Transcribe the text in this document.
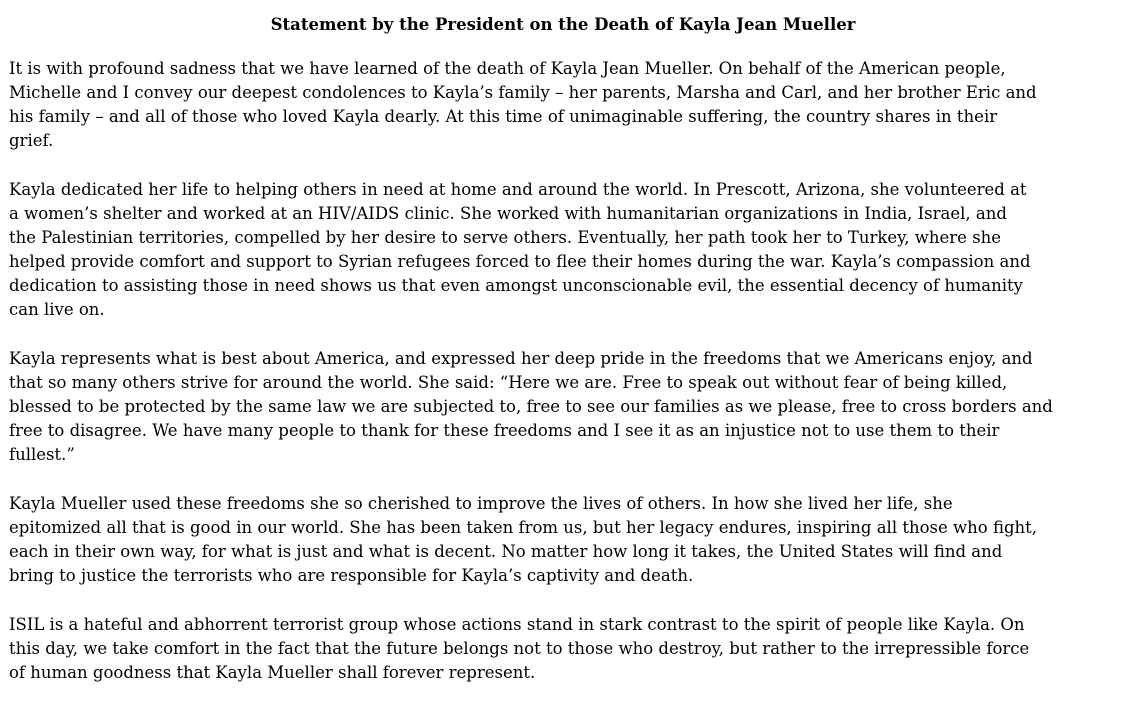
Statement by the President on the Death of Kayla Jean Mueller
It is with profound sadness that we have learned of the death of Kayla Jean Mueller. On behalf of the American people,
Michelle and I convey our deepest condolences to Kayla’s family – her parents, Marsha and Carl, and her brother Eric and
his family – and all of those who loved Kayla dearly. At this time of unimaginable suffering, the country shares in their
grief.
Kayla dedicated her life to helping others in need at home and around the world. In Prescott, Arizona, she volunteered at
a women’s shelter and worked at an HIV/AIDS clinic. She worked with humanitarian organizations in India, Israel, and
the Palestinian territories, compelled by her desire to serve others. Eventually, her path took her to Turkey, where she
helped provide comfort and support to Syrian refugees forced to flee their homes during the war. Kayla’s compassion and
dedication to assisting those in need shows us that even amongst unconscionable evil, the essential decency of humanity
can live on.
Kayla represents what is best about America, and expressed her deep pride in the freedoms that we Americans enjoy, and
that so many others strive for around the world. She said: “Here we are. Free to speak out without fear of being killed,
blessed to be protected by the same law we are subjected to, free to see our families as we please, free to cross borders and
free to disagree. We have many people to thank for these freedoms and I see it as an injustice not to use them to their
fullest.”
Kayla Mueller used these freedoms she so cherished to improve the lives of others. In how she lived her life, she
epitomized all that is good in our world. She has been taken from us, but her legacy endures, inspiring all those who fight,
each in their own way, for what is just and what is decent. No matter how long it takes, the United States will find and
bring to justice the terrorists who are responsible for Kayla’s captivity and death.
ISIL is a hateful and abhorrent terrorist group whose actions stand in stark contrast to the spirit of people like Kayla. On
this day, we take comfort in the fact that the future belongs not to those who destroy, but rather to the irrepressible force
of human goodness that Kayla Mueller shall forever represent.
